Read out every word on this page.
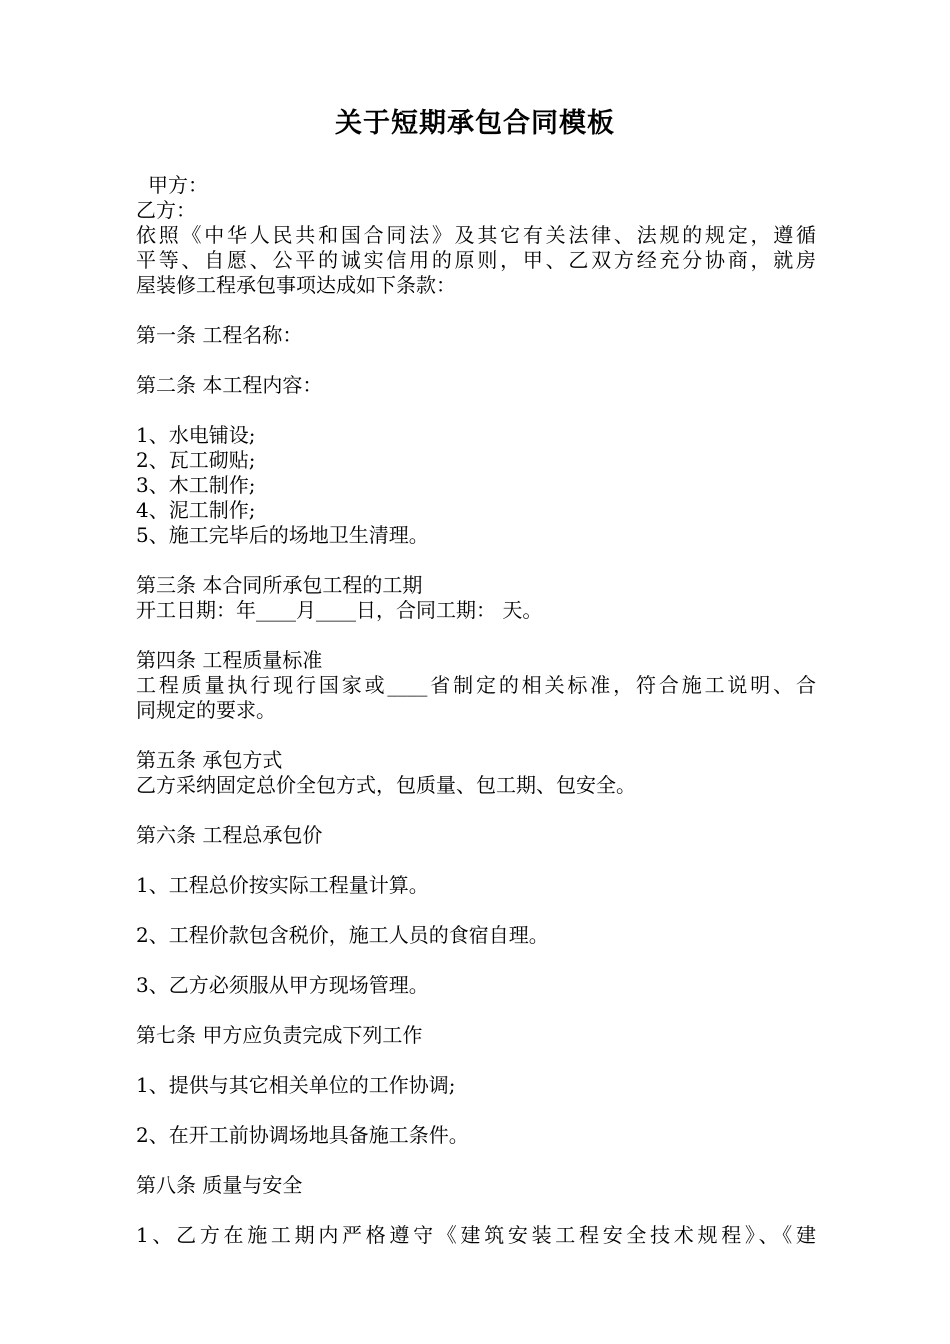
关于短期承包合同模板
甲方：
乙方：
依照《中华人民共和国合同法》及其它有关法律、法规的规定，遵循
平等、自愿、公平的诚实信用的原则，甲、乙双方经充分协商，就房
屋装修工程承包事项达成如下条款：
第一条 工程名称：
第二条 本工程内容：
1、水电铺设;
2、瓦工砌贴;
3、木工制作;
4、泥工制作;
5、施工完毕后的场地卫生清理。
第三条 本合同所承包工程的工期
开工日期：年____月____日，合同工期： 天。
第四条 工程质量标准
工程质量执行现行国家或____省制定的相关标准，符合施工说明、合
同规定的要求。
第五条 承包方式
乙方采纳固定总价全包方式，包质量、包工期、包安全。
第六条 工程总承包价
1、工程总价按实际工程量计算。
2、工程价款包含税价，施工人员的食宿自理。
3、乙方必须服从甲方现场管理。
第七条 甲方应负责完成下列工作
1、提供与其它相关单位的工作协调;
2、在开工前协调场地具备施工条件。
第八条 质量与安全
1、乙方在施工期内严格遵守《建筑安装工程安全技术规程》、《建
